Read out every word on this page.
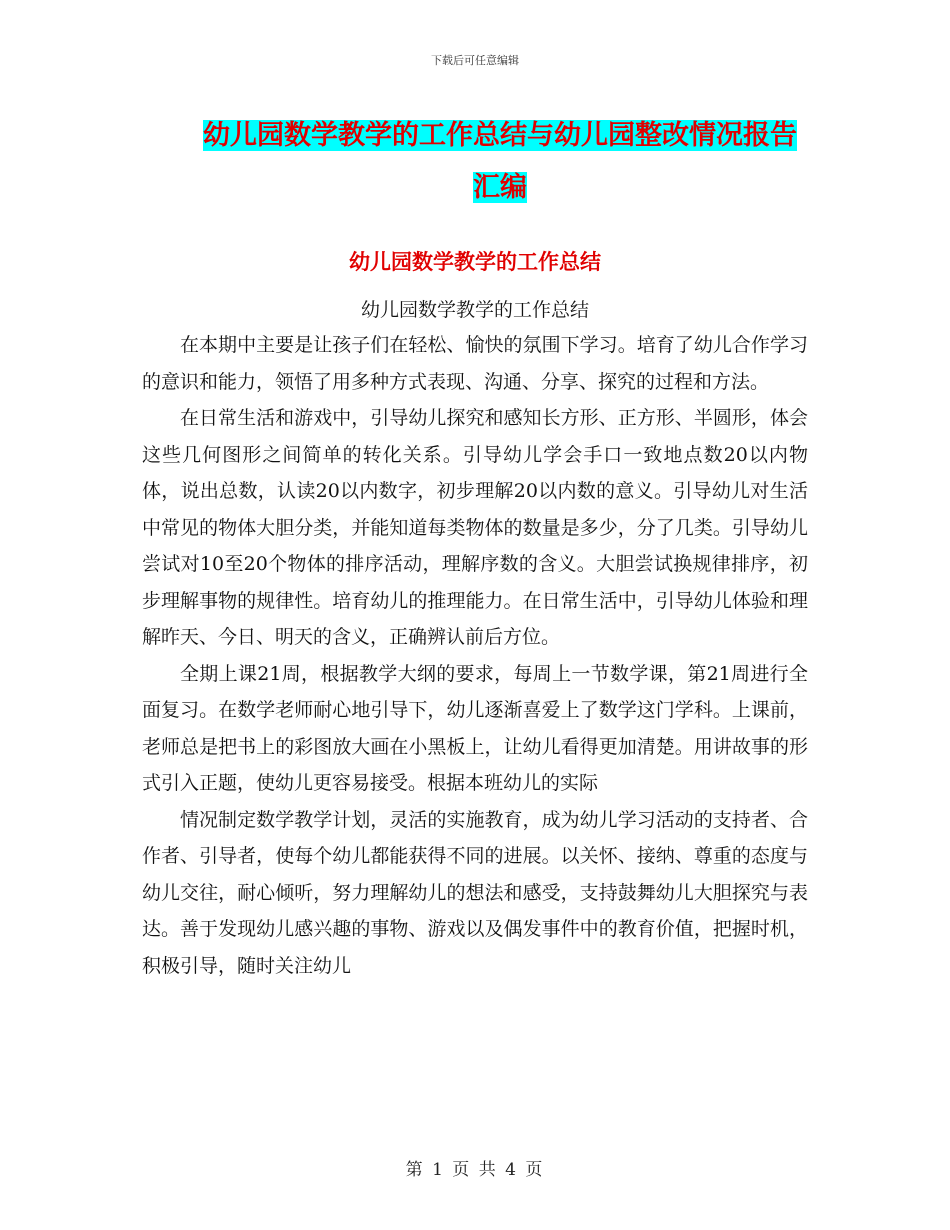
下载后可任意编辑
幼儿园数学教学的工作总结与幼儿园整改情况报告汇编
幼儿园数学教学的工作总结
幼儿园数学教学的工作总结

在本期中主要是让孩子们在轻松、愉快的氛围下学习。培育了幼儿合作学习的意识和能力，领悟了用多种方式表现、沟通、分享、探究的过程和方法。

在日常生活和游戏中，引导幼儿探究和感知长方形、正方形、半圆形，体会这些几何图形之间简单的转化关系。引导幼儿学会手口一致地点数20以内物体，说出总数，认读20以内数字，初步理解20以内数的意义。引导幼儿对生活中常见的物体大胆分类，并能知道每类物体的数量是多少，分了几类。引导幼儿尝试对10至20个物体的排序活动，理解序数的含义。大胆尝试换规律排序，初步理解事物的规律性。培育幼儿的推理能力。在日常生活中，引导幼儿体验和理解昨天、今日、明天的含义，正确辨认前后方位。

全期上课21周，根据教学大纲的要求，每周上一节数学课，第21周进行全面复习。在数学老师耐心地引导下，幼儿逐渐喜爱上了数学这门学科。上课前，老师总是把书上的彩图放大画在小黑板上，让幼儿看得更加清楚。用讲故事的形式引入正题，使幼儿更容易接受。根据本班幼儿的实际

情况制定数学教学计划，灵活的实施教育，成为幼儿学习活动的支持者、合作者、引导者，使每个幼儿都能获得不同的进展。以关怀、接纳、尊重的态度与幼儿交往，耐心倾听，努力理解幼儿的想法和感受，支持鼓舞幼儿大胆探究与表达。善于发现幼儿感兴趣的事物、游戏以及偶发事件中的教育价值，把握时机，积极引导，随时关注幼儿

第 1 页 共 4 页
